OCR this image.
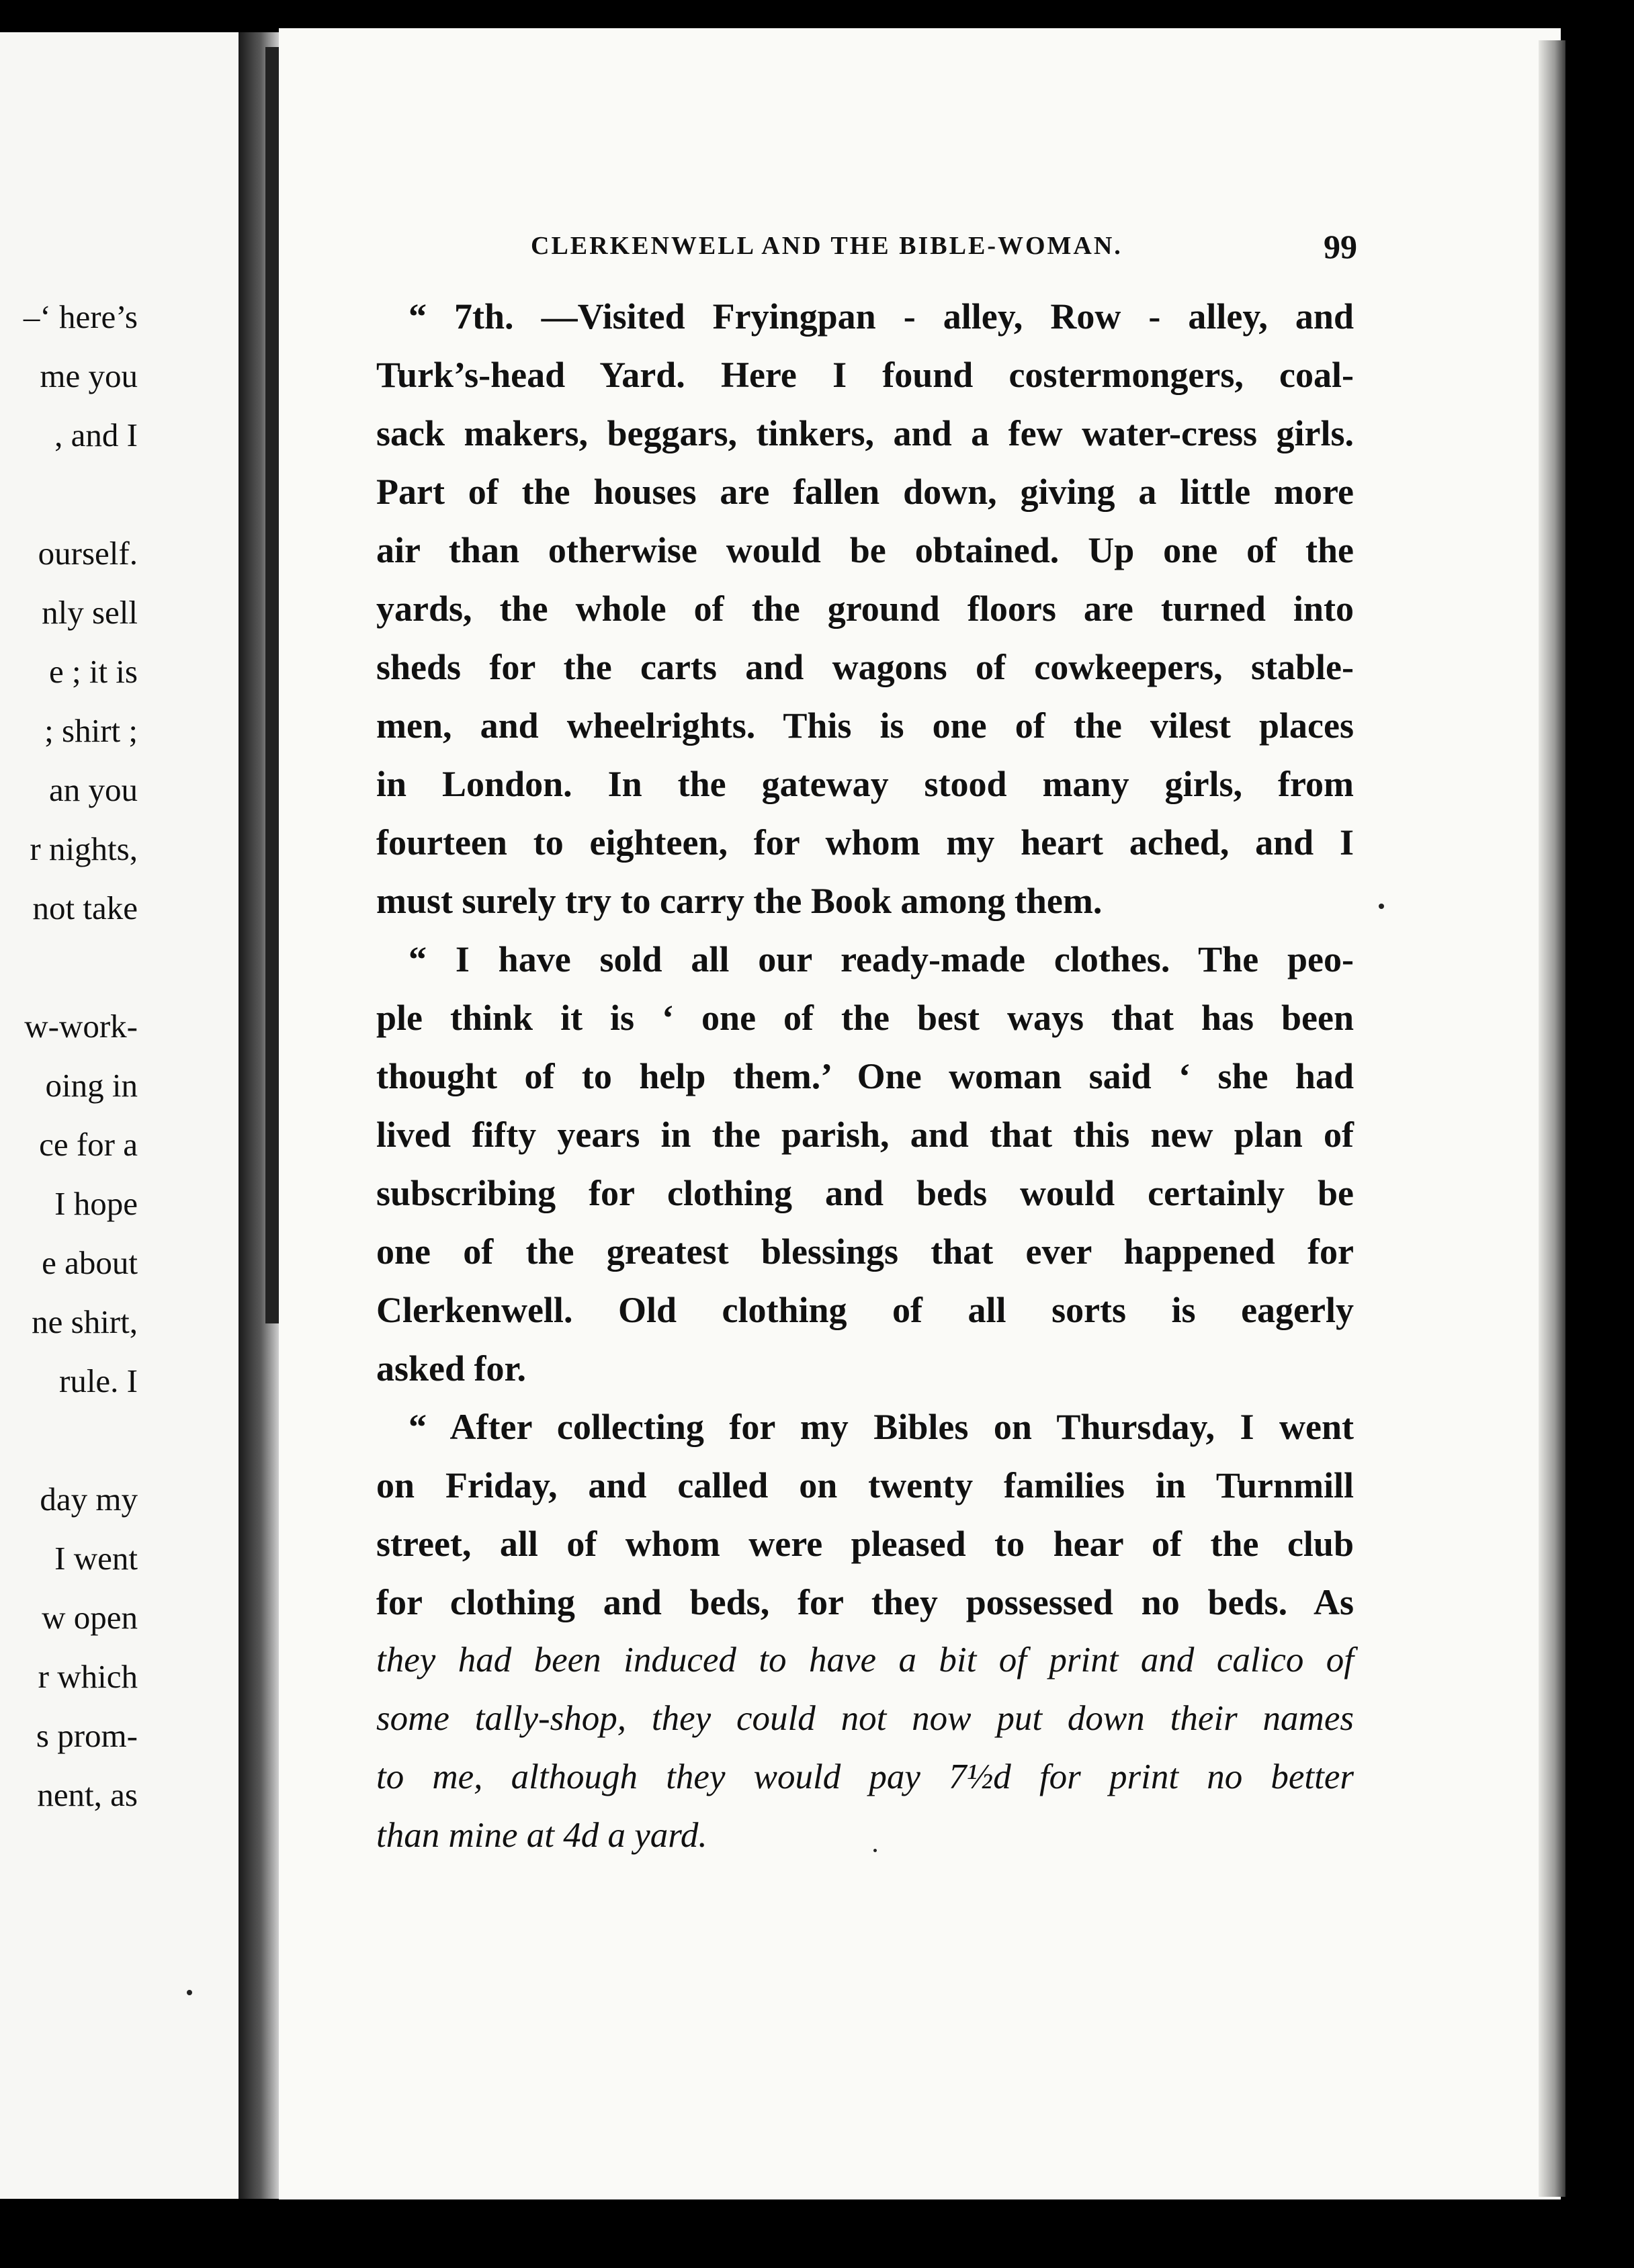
–‘ here’s
me you
, and I
ourself.
nly sell
e ; it is
; shirt ;
an you
r nights,
not take
w-work-
oing in
ce for a
I hope
e about
ne shirt,
rule. I
day my
I went
w open
r which
s prom-
nent, as
CLERKENWELL AND THE BIBLE-WOMAN.	99
“ 7th. —Visited Fryingpan - alley, Row - alley, and
Turk’s-head Yard. Here I found costermongers, coal-
sack makers, beggars, tinkers, and a few water-cress girls.
Part of the houses are fallen down, giving a little more
air than otherwise would be obtained. Up one of the
yards, the whole of the ground floors are turned into
sheds for the carts and wagons of cowkeepers, stable-
men, and wheelrights. This is one of the vilest places
in London. In the gateway stood many girls, from
fourteen to eighteen, for whom my heart ached, and I
must surely try to carry the Book among them.
“ I have sold all our ready-made clothes. The peo-
ple think it is ‘ one of the best ways that has been
thought of to help them.’ One woman said ‘ she had
lived fifty years in the parish, and that this new plan of
subscribing for clothing and beds would certainly be
one of the greatest blessings that ever happened for
Clerkenwell. Old clothing of all sorts is eagerly
asked for.
“ After collecting for my Bibles on Thursday, I went
on Friday, and called on twenty families in Turnmill
street, all of whom were pleased to hear of the club
for clothing and beds, for they possessed no beds. As
they had been induced to have a bit of print and calico of
some tally-shop, they could not now put down their names
to me, although they would pay 7½d for print no better
than mine at 4d a yard.
